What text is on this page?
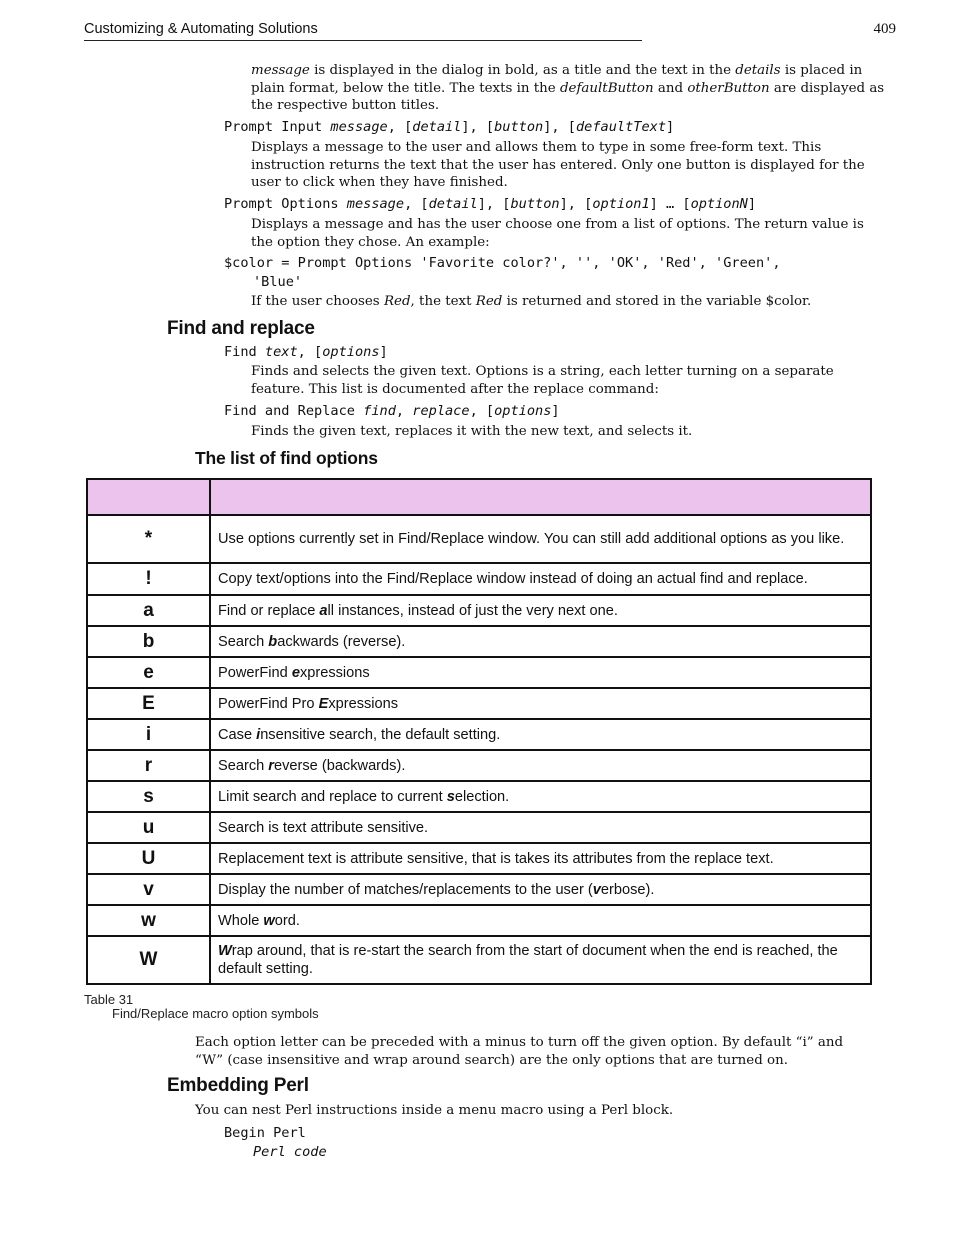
Customizing & Automating Solutions	409
message is displayed in the dialog in bold, as a title and the text in the details is placed in
plain format, below the title. The texts in the defaultButton and otherButton are displayed as
the respective button titles.
Prompt Input message, [detail], [button], [defaultText]
Displays a message to the user and allows them to type in some free-form text. This
instruction returns the text that the user has entered. Only one button is displayed for the
user to click when they have finished.
Prompt Options message, [detail], [button], [option1] … [optionN]
Displays a message and has the user choose one from a list of options. The return value is
the option they chose. An example:
$color = Prompt Options 'Favorite color?', '', 'OK', 'Red', 'Green',
'Blue'
If the user chooses Red, the text Red is returned and stored in the variable $color.
Find and replace
Find text, [options]
Finds and selects the given text. Options is a string, each letter turning on a separate
feature. This list is documented after the replace command:
Find and Replace find, replace, [options]
Finds the given text, replaces it with the new text, and selects it.
The list of find options

*	Use options currently set in Find/Replace window. You can still add additional options as you like.
!	Copy text/options into the Find/Replace window instead of doing an actual find and replace.
a	Find or replace all instances, instead of just the very next one.
b	Search backwards (reverse).
e	PowerFind expressions
E	PowerFind Pro Expressions
i	Case insensitive search, the default setting.
r	Search reverse (backwards).
s	Limit search and replace to current selection.
u	Search is text attribute sensitive.
U	Replacement text is attribute sensitive, that is takes its attributes from the replace text.
v	Display the number of matches/replacements to the user (verbose).
w	Whole word.
W	Wrap around, that is re-start the search from the start of document when the end is reached, the default setting.
Table 31
Find/Replace macro option symbols
Each option letter can be preceded with a minus to turn off the given option. By default “i” and
“W” (case insensitive and wrap around search) are the only options that are turned on.
Embedding Perl
You can nest Perl instructions inside a menu macro using a Perl block.
Begin Perl
Perl code
